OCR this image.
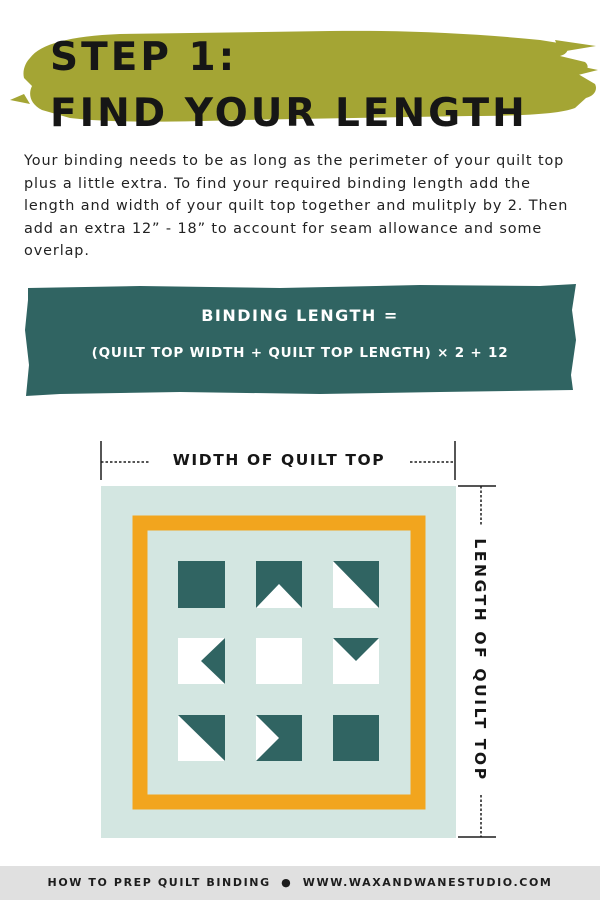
STEP 1:
FIND YOUR LENGTH

Your binding needs to be as long as the perimeter of your quilt top plus a little extra. To find your required binding length add the length and width of your quilt top together and mulitply by 2. Then add an extra 12” - 18” to account for seam allowance and some overlap.

BINDING LENGTH =
(QUILT TOP WIDTH + QUILT TOP LENGTH) × 2 + 12
WIDTH OF QUILT TOP
LENGTH OF QUILT TOP
HOW TO PREP QUILT BINDING ● WWW.WAXANDWANESTUDIO.COM
